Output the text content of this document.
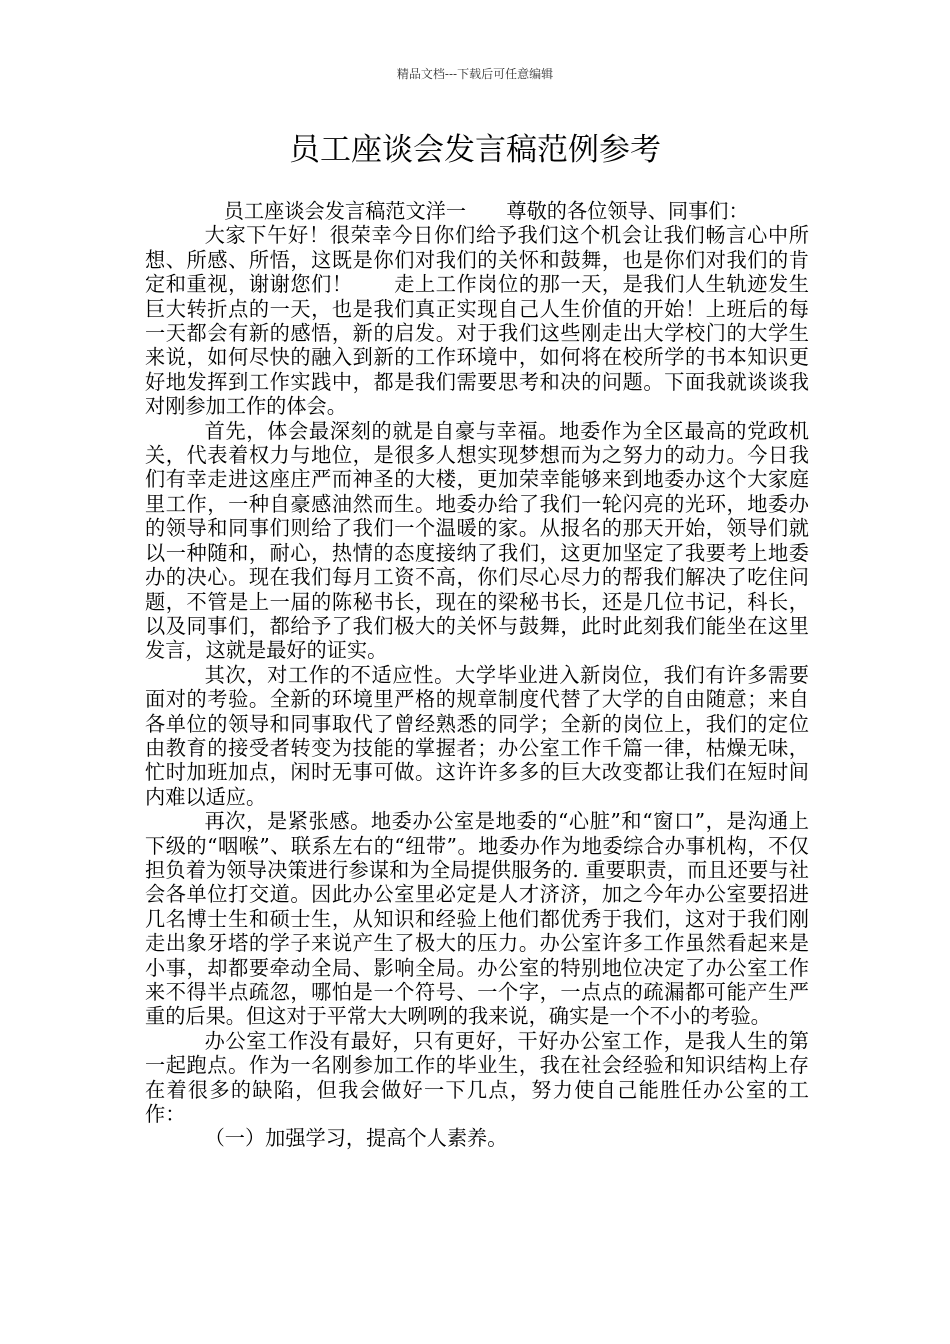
精品文档---下载后可任意编辑
员工座谈会发言稿范例参考

员工座谈会发言稿范文洋一　　尊敬的各位领导、同事们：

大家下午好！很荣幸今日你们给予我们这个机会让我们畅言心中所想、所感、所悟，这既是你们对我们的关怀和鼓舞，也是你们对我们的肯定和重视，谢谢您们！　　走上工作岗位的那一天，是我们人生轨迹发生巨大转折点的一天，也是我们真正实现自己人生价值的开始！上班后的每一天都会有新的感悟，新的启发。对于我们这些刚走出大学校门的大学生来说，如何尽快的融入到新的工作环境中，如何将在校所学的书本知识更好地发挥到工作实践中，都是我们需要思考和决的问题。下面我就谈谈我对刚参加工作的体会。

首先，体会最深刻的就是自豪与幸福。地委作为全区最高的党政机关，代表着权力与地位，是很多人想实现梦想而为之努力的动力。今日我们有幸走进这座庄严而神圣的大楼，更加荣幸能够来到地委办这个大家庭里工作，一种自豪感油然而生。地委办给了我们一轮闪亮的光环，地委办的领导和同事们则给了我们一个温暖的家。从报名的那天开始，领导们就以一种随和，耐心，热情的态度接纳了我们，这更加坚定了我要考上地委办的决心。现在我们每月工资不高，你们尽心尽力的帮我们解决了吃住问题，不管是上一届的陈秘书长，现在的梁秘书长，还是几位书记，科长，以及同事们，都给予了我们极大的关怀与鼓舞，此时此刻我们能坐在这里发言，这就是最好的证实。

其次，对工作的不适应性。大学毕业进入新岗位，我们有许多需要面对的考验。全新的环境里严格的规章制度代替了大学的自由随意；来自各单位的领导和同事取代了曾经熟悉的同学；全新的岗位上，我们的定位由教育的接受者转变为技能的掌握者；办公室工作千篇一律，枯燥无味，忙时加班加点，闲时无事可做。这许许多多的巨大改变都让我们在短时间内难以适应。

再次，是紧张感。地委办公室是地委的“心脏”和“窗口”，是沟通上下级的“咽喉”、联系左右的“纽带”。地委办作为地委综合办事机构，不仅担负着为领导决策进行参谋和为全局提供服务的. 重要职责，而且还要与社会各单位打交道。因此办公室里必定是人才济济，加之今年办公室要招进几名博士生和硕士生，从知识和经验上他们都优秀于我们，这对于我们刚走出象牙塔的学子来说产生了极大的压力。办公室许多工作虽然看起来是小事，却都要牵动全局、影响全局。办公室的特别地位决定了办公室工作来不得半点疏忽，哪怕是一个符号、一个字，一点点的疏漏都可能产生严重的后果。但这对于平常大大咧咧的我来说，确实是一个不小的考验。

办公室工作没有最好，只有更好，干好办公室工作，是我人生的第一起跑点。作为一名刚参加工作的毕业生，我在社会经验和知识结构上存在着很多的缺陷，但我会做好一下几点，努力使自己能胜任办公室的工作：

（一）加强学习，提高个人素养。
